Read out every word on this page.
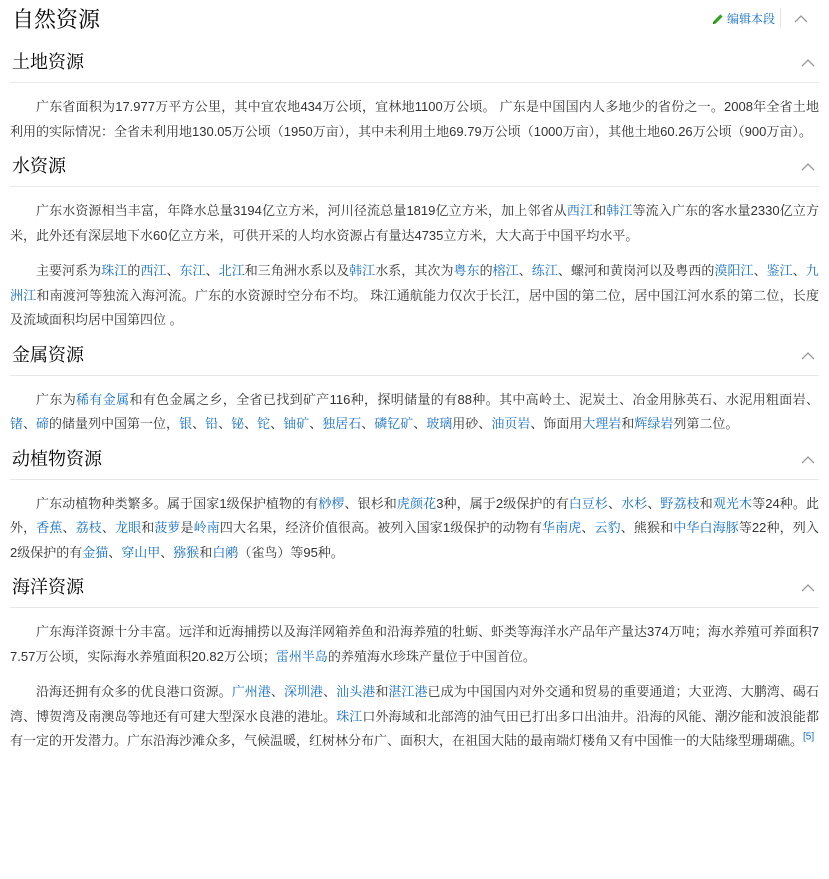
自然资源	编辑本段
土地资源
广东省面积为17.977万平方公里，其中宜农地434万公顷，宜林地1100万公顷。 广东是中国国内人多地少的省份之一。2008年全省土地利用的实际情况：全省未利用地130.05万公顷（1950万亩），其中未利用土地69.79万公顷（1000万亩），其他土地60.26万公顷（900万亩）。
水资源
广东水资源相当丰富，年降水总量3194亿立方米，河川径流总量1819亿立方米，加上邻省从西江和韩江等流入广东的客水量2330亿立方米，此外还有深层地下水60亿立方米，可供开采的人均水资源占有量达4735立方米，大大高于中国平均水平。
主要河系为珠江的西江、东江、北江和三角洲水系以及韩江水系，其次为粤东的榕江、练江、螺河和黄岗河以及粤西的漠阳江、鉴江、九洲江和南渡河等独流入海河流。广东的水资源时空分布不均。 珠江通航能力仅次于长江，居中国的第二位，居中国江河水系的第二位，长度及流域面积均居中国第四位 。
金属资源
广东为稀有金属和有色金属之乡，全省已找到矿产116种，探明储量的有88种。其中高岭土、泥炭土、冶金用脉英石、水泥用粗面岩、锗、碲的储量列中国第一位，银、铅、铋、铊、铀矿、独居石、磷钇矿、玻璃用砂、油页岩、饰面用大理岩和辉绿岩列第二位。
动植物资源
广东动植物种类繁多。属于国家1级保护植物的有桫椤、银杉和虎颜花3种，属于2级保护的有白豆杉、水杉、野荔枝和观光木等24种。此外，香蕉、荔枝、龙眼和菠萝是岭南四大名果，经济价值很高。被列入国家1级保护的动物有华南虎、云豹、熊猴和中华白海豚等22种，列入2级保护的有金猫、穿山甲、猕猴和白鹇（雀鸟）等95种。
海洋资源
广东海洋资源十分丰富。远洋和近海捕捞以及海洋网箱养鱼和沿海养殖的牡蛎、虾类等海洋水产品年产量达374万吨；海水养殖可养面积77.57万公顷，实际海水养殖面积20.82万公顷；雷州半岛的养殖海水珍珠产量位于中国首位。
沿海还拥有众多的优良港口资源。广州港、深圳港、汕头港和湛江港已成为中国国内对外交通和贸易的重要通道；大亚湾、大鹏湾、碣石湾、博贺湾及南澳岛等地还有可建大型深水良港的港址。珠江口外海域和北部湾的油气田已打出多口出油井。沿海的风能、潮汐能和波浪能都有一定的开发潜力。广东沿海沙滩众多，气候温暖，红树林分布广、面积大，在祖国大陆的最南端灯楼角又有中国惟一的大陆缘型珊瑚礁。[5]
